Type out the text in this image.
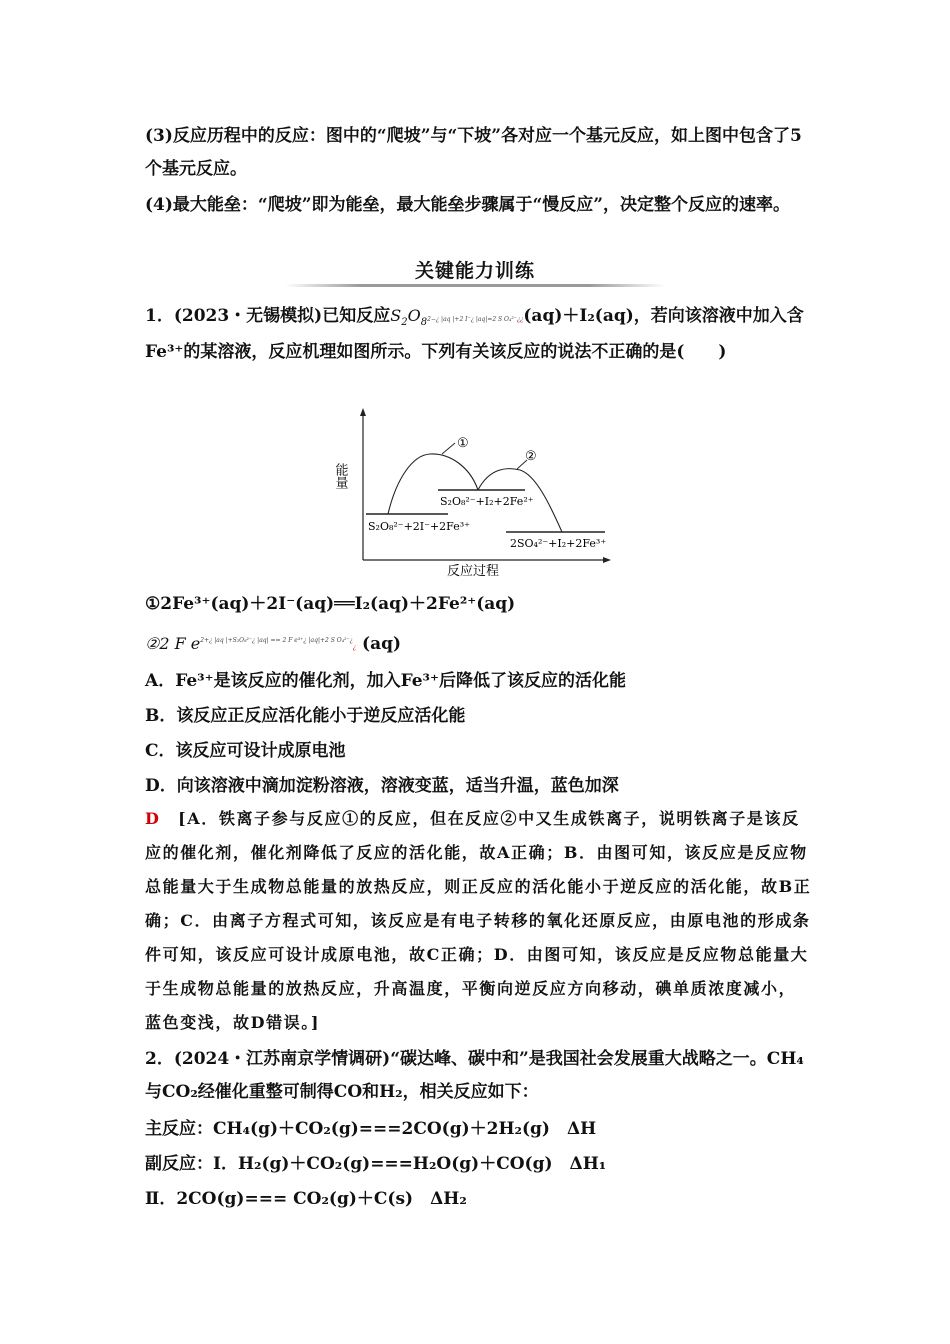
(3)反应历程中的反应：图中的“爬坡”与“下坡”各对应一个基元反应，如上图中包含了5个基元反应。
(4)最大能垒：“爬坡”即为能垒，最大能垒步骤属于“慢反应”，决定整个反应的速率。
关键能力训练
1．(2023・无锡模拟)已知反应$S_2O_82-¿$ |aq |+2 I⁻¿ |aq|=2 S O₄²⁻¿¿(aq)＋I₂(aq)，若向该溶液中加入含Fe³⁺的某溶液，反应机理如图所示。下列有关该反应的说法不正确的是(　　)
能量
反应过程
①
②
S₂O₈²⁻+I₂+2Fe²⁺
S₂O₈²⁻+2I⁻+2Fe³⁺
2SO₄²⁻+I₂+2Fe³⁺
①2Fe³⁺(aq)＋2I⁻(aq)══I₂(aq)＋2Fe²⁺(aq)
②2 F $e^{2+¿ |aq |+S_2O_8^{2-}¿ |aq| == 2 F e^{3+}¿ |aq|+2 S O_4^{2-}¿}¿$ (aq)
A．Fe³⁺是该反应的催化剂，加入Fe³⁺后降低了该反应的活化能
B．该反应正反应活化能小于逆反应活化能
C．该反应可设计成原电池
D．向该溶液中滴加淀粉溶液，溶液变蓝，适当升温，蓝色加深
D　 [A．铁离子参与反应①的反应，但在反应②中又生成铁离子，说明铁离子是该反应的催化剂，催化剂降低了反应的活化能，故A正确；B．由图可知，该反应是反应物总能量大于生成物总能量的放热反应，则正反应的活化能小于逆反应的活化能，故B正确；C．由离子方程式可知，该反应是有电子转移的氧化还原反应，由原电池的形成条件可知，该反应可设计成原电池，故C正确；D．由图可知，该反应是反应物总能量大于生成物总能量的放热反应，升高温度，平衡向逆反应方向移动，碘单质浓度减小，蓝色变浅，故D错误。]
2．(2024・江苏南京学情调研)“碳达峰、碳中和”是我国社会发展重大战略之一。CH₄与CO₂经催化重整可制得CO和H₂，相关反应如下：
主反应：CH₄(g)＋CO₂(g)===2CO(g)＋2H₂(g)　ΔH
副反应：Ⅰ．H₂(g)＋CO₂(g)===H₂O(g)＋CO(g)　ΔH₁
Ⅱ．2CO(g)=== CO₂(g)＋C(s)　ΔH₂
